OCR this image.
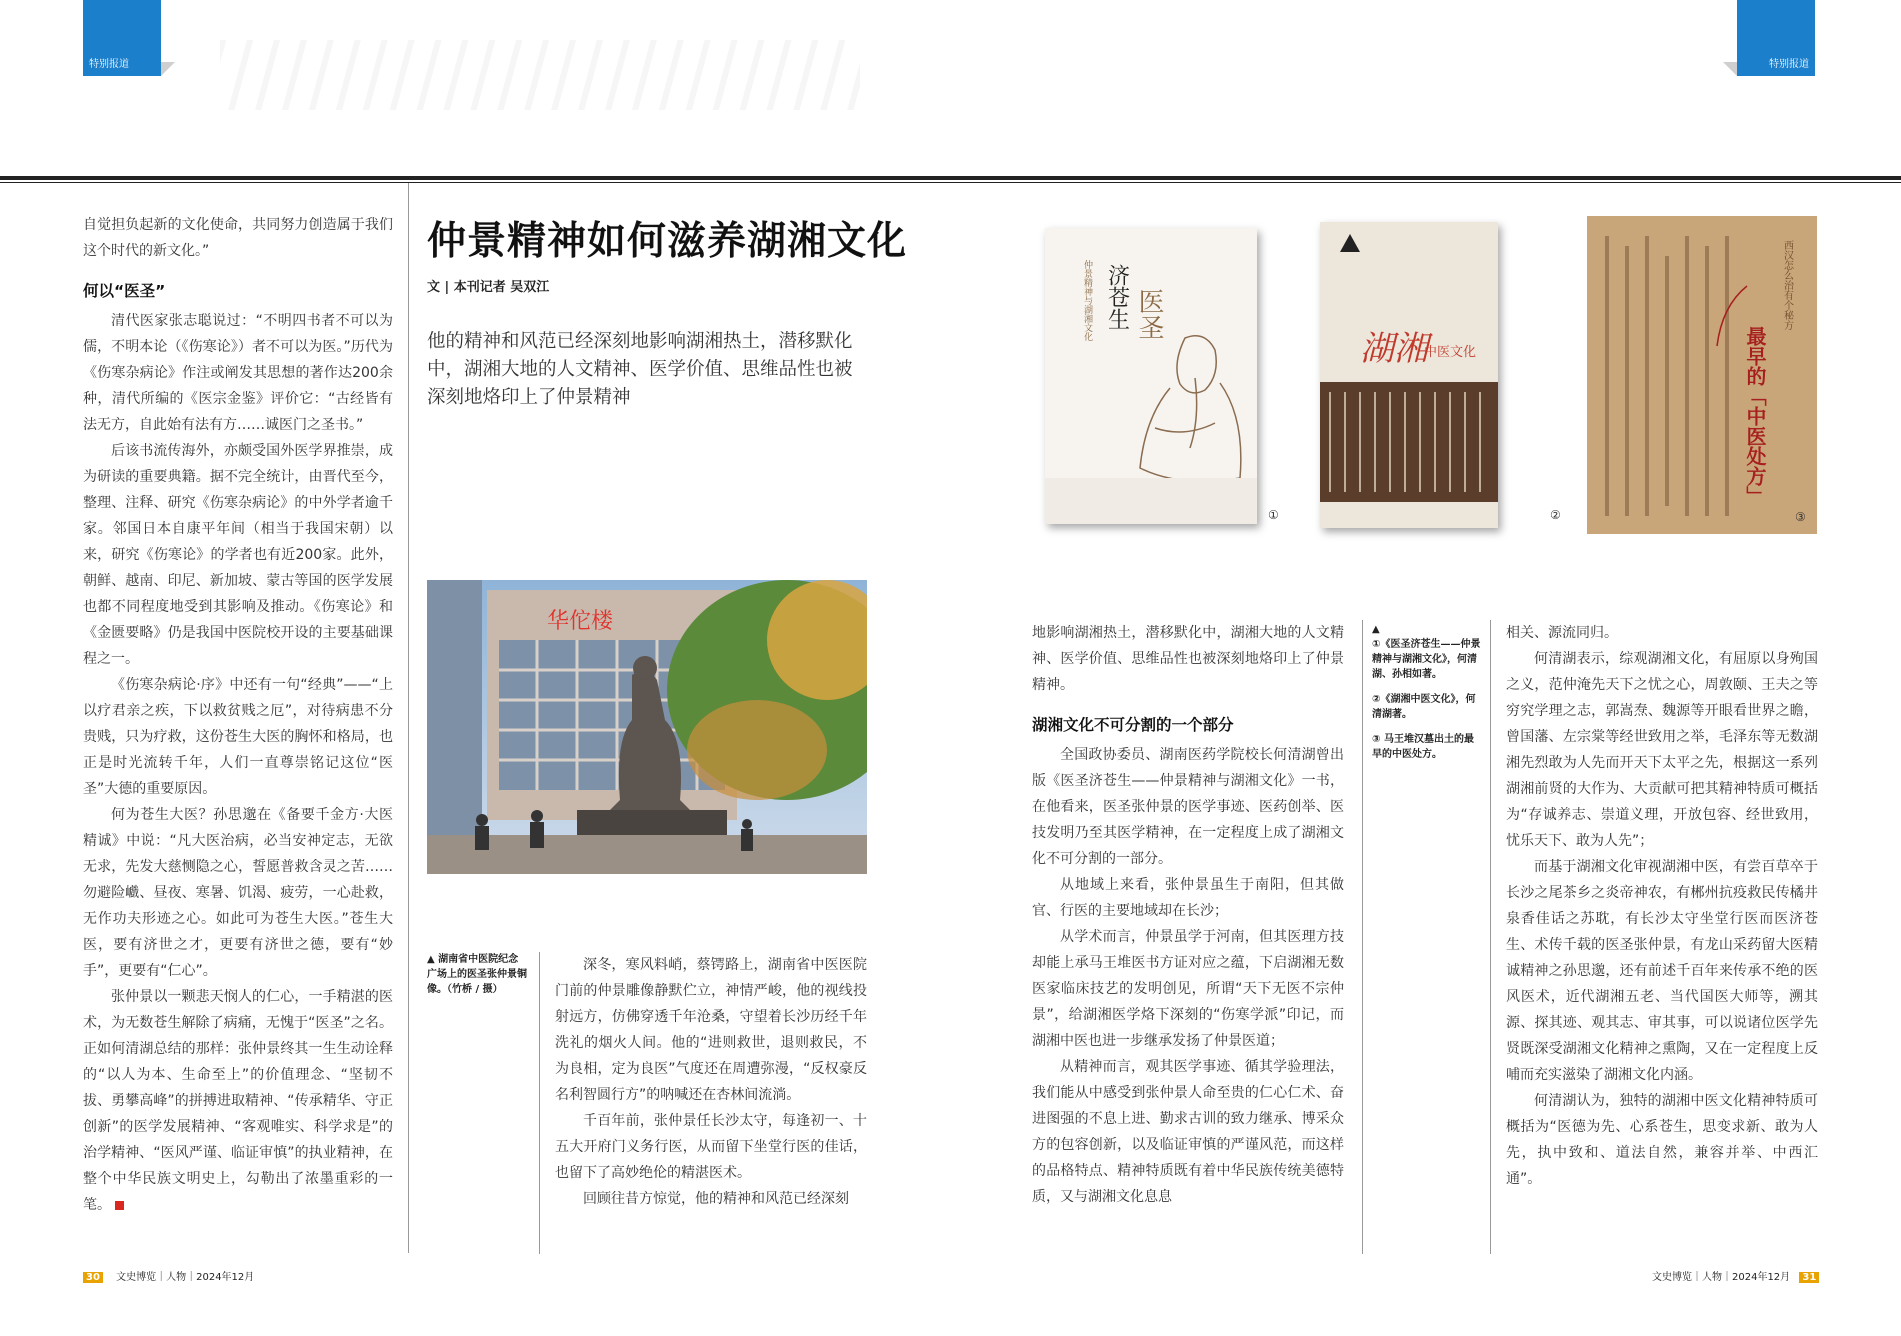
特别报道	特别报道

自觉担负起新的文化使命，共同努力创造属于我们这个时代的新文化。”

何以“医圣”

清代医家张志聪说过：“不明四书者不可以为儒，不明本论（《伤寒论》）者不可以为医。”历代为《伤寒杂病论》作注或阐发其思想的著作达200余种，清代所编的《医宗金鉴》评价它：“古经皆有法无方，自此始有法有方……诚医门之圣书。”

后该书流传海外，亦颇受国外医学界推崇，成为研读的重要典籍。据不完全统计，由晋代至今，整理、注释、研究《伤寒杂病论》的中外学者逾千家。邻国日本自康平年间（相当于我国宋朝）以来，研究《伤寒论》的学者也有近200家。此外，朝鲜、越南、印尼、新加坡、蒙古等国的医学发展也都不同程度地受到其影响及推动。《伤寒论》和《金匮要略》仍是我国中医院校开设的主要基础课程之一。

《伤寒杂病论·序》中还有一句“经典”——“上以疗君亲之疾，下以救贫贱之厄”，对待病患不分贵贱，只为疗救，这份苍生大医的胸怀和格局，也正是时光流转千年，人们一直尊崇铭记这位“医圣”大德的重要原因。

何为苍生大医？孙思邈在《备要千金方·大医精诚》中说：“凡大医治病，必当安神定志，无欲无求，先发大慈恻隐之心，誓愿普救含灵之苦……勿避险巇、昼夜、寒暑、饥渴、疲劳，一心赴救，无作功夫形迹之心。如此可为苍生大医。”苍生大医，要有济世之才，更要有济世之德，要有“妙手”，更要有“仁心”。

张仲景以一颗悲天悯人的仁心，一手精湛的医术，为无数苍生解除了病痛，无愧于“医圣”之名。正如何清湖总结的那样：张仲景终其一生生动诠释的“以人为本、生命至上”的价值理念、“坚韧不拔、勇攀高峰”的拼搏进取精神、“传承精华、守正创新”的医学发展精神、“客观唯实、科学求是”的治学精神、“医风严谨、临证审慎”的执业精神，在整个中华民族文明史上，勾勒出了浓墨重彩的一笔。

仲景精神如何滋养湖湘文化
文 | 本刊记者 吴双江
他的精神和风范已经深刻地影响湖湘热土，潜移默化中，湖湘大地的人文精神、医学价值、思维品性也被深刻地烙印上了仲景精神
华佗楼
▲ 湖南省中医院纪念广场上的医圣张仲景铜像。（竹桥 / 摄）

深冬，寒风料峭，蔡锷路上，湖南省中医医院门前的仲景雕像静默伫立，神情严峻，他的视线投射远方，仿佛穿透千年沧桑，守望着长沙历经千年洗礼的烟火人间。他的“进则救世，退则救民，不为良相，定为良医”气度还在周遭弥漫，“反权豪反名利智圆行方”的呐喊还在杏林间流淌。

千百年前，张仲景任长沙太守，每逢初一、十五大开府门义务行医，从而留下坐堂行医的佳话，也留下了高妙绝伦的精湛医术。

回顾往昔方惊觉，他的精神和风范已经深刻

医圣
济苍生
仲景精神与湖湘文化
①
湖湘
中医文化
②
西汉怎么治有个秘方
最早的「中医处方」
③

地影响湖湘热土，潜移默化中，湖湘大地的人文精神、医学价值、思维品性也被深刻地烙印上了仲景精神。

湖湘文化不可分割的一个部分

全国政协委员、湖南医药学院校长何清湖曾出版《医圣济苍生——仲景精神与湖湘文化》一书，在他看来，医圣张仲景的医学事迹、医药创举、医技发明乃至其医学精神，在一定程度上成了湖湘文化不可分割的一部分。

从地域上来看，张仲景虽生于南阳，但其做官、行医的主要地域却在长沙；

从学术而言，仲景虽学于河南，但其医理方技却能上承马王堆医书方证对应之蕴，下启湖湘无数医家临床技艺的发明创见，所谓“天下无医不宗仲景”，给湖湘医学烙下深刻的“伤寒学派”印记，而湖湘中医也进一步继承发扬了仲景医道；

从精神而言，观其医学事迹、循其学验理法，我们能从中感受到张仲景人命至贵的仁心仁术、奋进图强的不息上进、勤求古训的致力继承、博采众方的包容创新，以及临证审慎的严谨风范，而这样的品格特点、精神特质既有着中华民族传统美德特质，又与湖湘文化息息

▲
①《医圣济苍生——仲景精神与湖湘文化》，何清湖、孙相如著。
②《湖湘中医文化》，何清湖著。
③ 马王堆汉墓出土的最早的中医处方。

相关、源流同归。

何清湖表示，综观湖湘文化，有屈原以身殉国之义，范仲淹先天下之忧之心，周敦颐、王夫之等穷究学理之志，郭嵩焘、魏源等开眼看世界之瞻，曾国藩、左宗棠等经世致用之举，毛泽东等无数湖湘先烈敢为人先而开天下太平之先，根据这一系列湖湘前贤的大作为、大贡献可把其精神特质可概括为“存诚养志、崇道义理，开放包容、经世致用，忧乐天下、敢为人先”；

而基于湖湘文化审视湖湘中医，有尝百草卒于长沙之尾茶乡之炎帝神农，有郴州抗疫救民传橘井泉香佳话之苏耽，有长沙太守坐堂行医而医济苍生、术传千载的医圣张仲景，有龙山采药留大医精诚精神之孙思邈，还有前述千百年来传承不绝的医风医术，近代湖湘五老、当代国医大师等，溯其源、探其迹、观其志、审其事，可以说诸位医学先贤既深受湖湘文化精神之熏陶，又在一定程度上反哺而充实滋染了湖湘文化内涵。

何清湖认为，独特的湖湘中医文化精神特质可概括为“医德为先、心系苍生，思变求新、敢为人先，执中致和、道法自然，兼容并举、中西汇通”。

30 文史博览｜人物｜2024年12月	文史博览｜人物｜2024年12月 31
